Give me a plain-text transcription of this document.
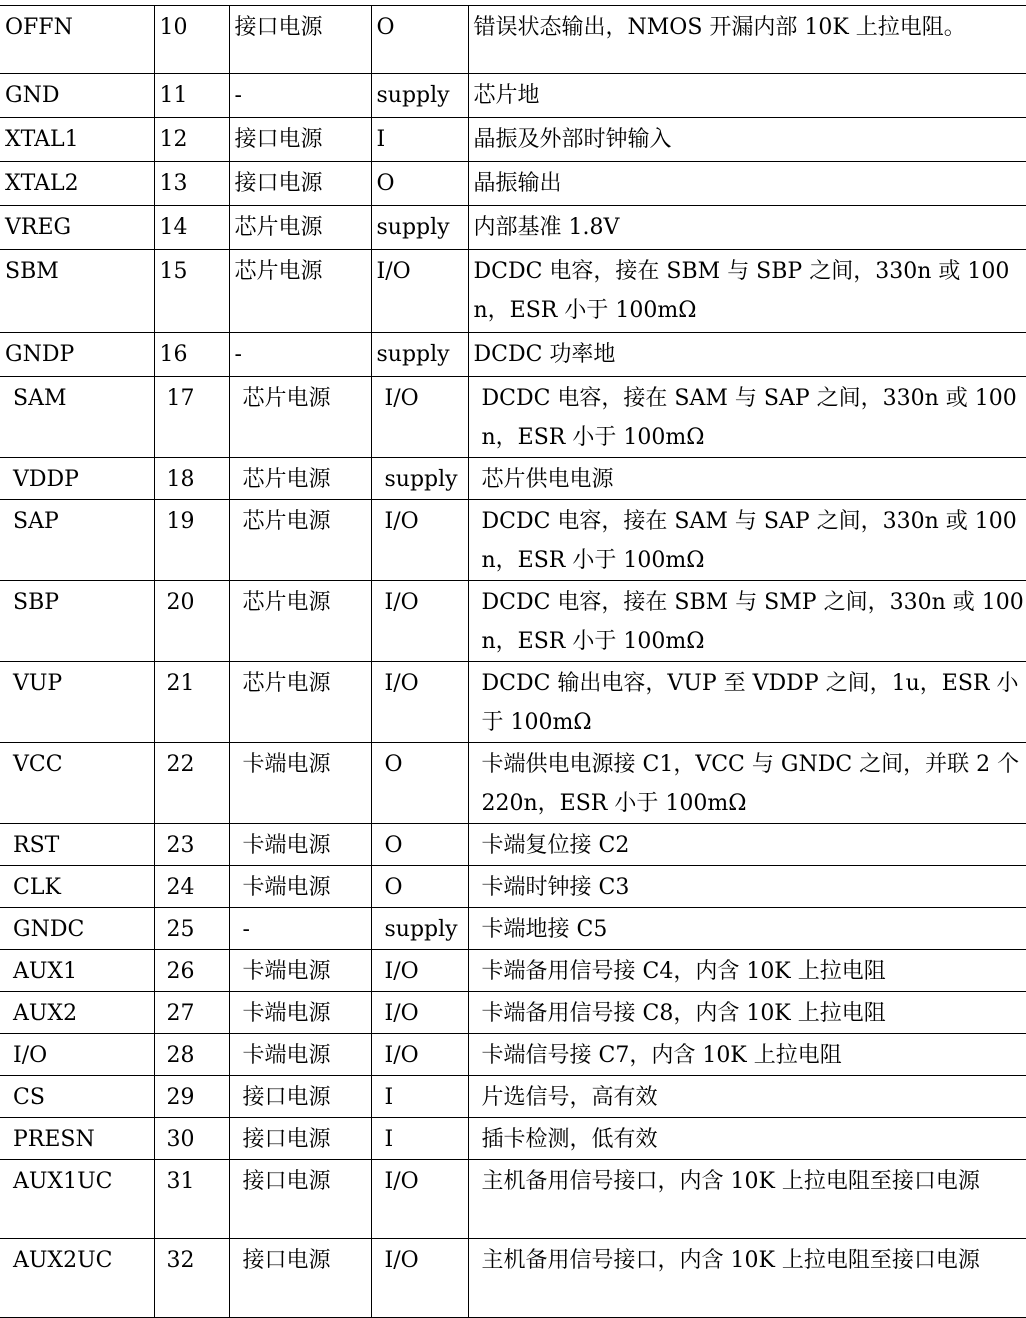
OFFN	10	接口电源	O	错误状态输出，NMOS 开漏内部 10K 上拉电阻。
GND	11	-	supply	芯片地
XTAL1	12	接口电源	I	晶振及外部时钟输入
XTAL2	13	接口电源	O	晶振输出
VREG	14	芯片电源	supply	内部基准 1.8V
SBM	15	芯片电源	I/O	DCDC 电容，接在 SBM 与 SBP 之间，330n 或 100n，ESR 小于 100mΩ
GNDP	16	-	supply	DCDC 功率地
SAM	17	芯片电源	I/O	DCDC 电容，接在 SAM 与 SAP 之间，330n 或 100n，ESR 小于 100mΩ
VDDP	18	芯片电源	supply	芯片供电电源
SAP	19	芯片电源	I/O	DCDC 电容，接在 SAM 与 SAP 之间，330n 或 100n，ESR 小于 100mΩ
SBP	20	芯片电源	I/O	DCDC 电容，接在 SBM 与 SMP 之间，330n 或 100n，ESR 小于 100mΩ
VUP	21	芯片电源	I/O	DCDC 输出电容，VUP 至 VDDP 之间，1u，ESR 小于 100mΩ
VCC	22	卡端电源	O	卡端供电电源接 C1，VCC 与 GNDC 之间，并联 2 个 220n，ESR 小于 100mΩ
RST	23	卡端电源	O	卡端复位接 C2
CLK	24	卡端电源	O	卡端时钟接 C3
GNDC	25	-	supply	卡端地接 C5
AUX1	26	卡端电源	I/O	卡端备用信号接 C4，内含 10K 上拉电阻
AUX2	27	卡端电源	I/O	卡端备用信号接 C8，内含 10K 上拉电阻
I/O	28	卡端电源	I/O	卡端信号接 C7，内含 10K 上拉电阻
CS	29	接口电源	I	片选信号，高有效
PRESN	30	接口电源	I	插卡检测，低有效
AUX1UC	31	接口电源	I/O	主机备用信号接口，内含 10K 上拉电阻至接口电源
AUX2UC	32	接口电源	I/O	主机备用信号接口，内含 10K 上拉电阻至接口电源
